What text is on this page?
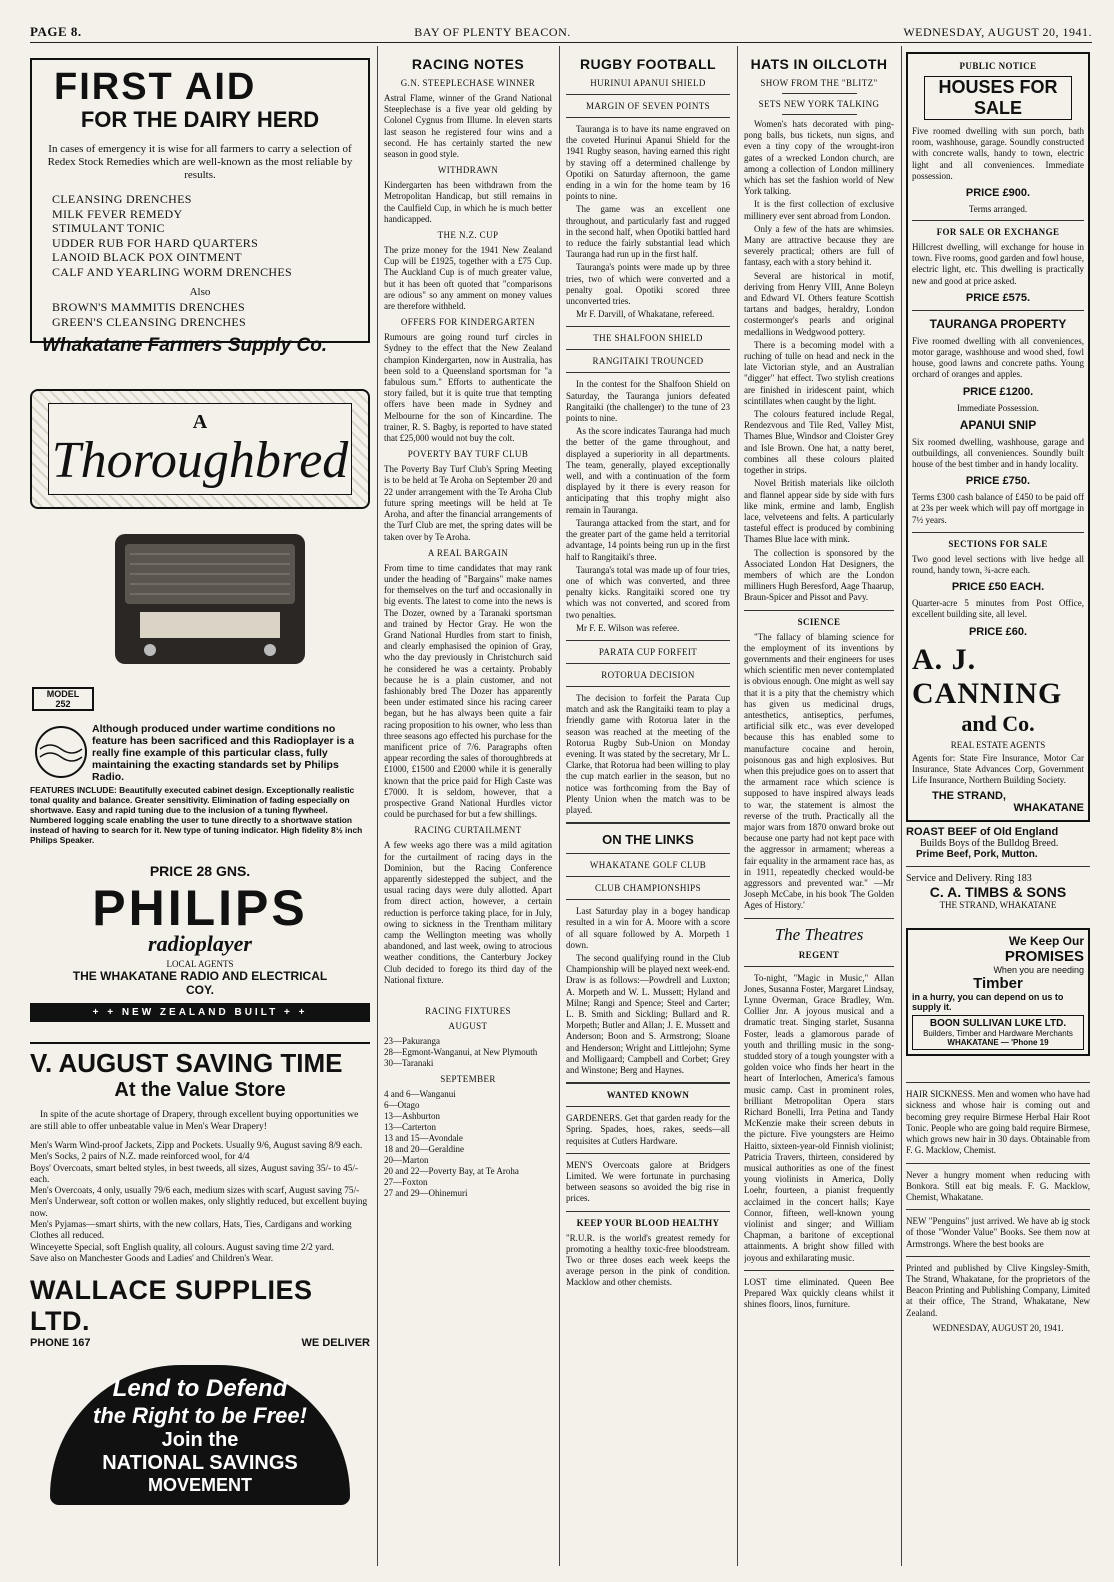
PAGE 8.	BAY OF PLENTY BEACON.	WEDNESDAY, AUGUST 20, 1941.
FIRST AID
FOR THE DAIRY HERD
In cases of emergency it is wise for all farmers to carry a selection of Redex Stock Remedies which are well-known as the most reliable by results.
CLEANSING DRENCHES
MILK FEVER REMEDY
STIMULANT TONIC
UDDER RUB FOR HARD QUARTERS
LANOID BLACK POX OINTMENT
CALF AND YEARLING WORM DRENCHES
Also
BROWN'S MAMMITIS DRENCHES
GREEN'S CLEANSING DRENCHES
Whakatane Farmers Supply Co.
A
Thoroughbred
MODEL
252
Although produced under wartime conditions no feature has been sacrificed and this Radioplayer is a really fine example of this particular class, fully maintaining the exacting standards set by Philips Radio.
FEATURES INCLUDE: Beautifully executed cabinet design. Exceptionally realistic tonal quality and balance. Greater sensitivity. Elimination of fading especially on shortwave. Easy and rapid tuning due to the inclusion of a tuning flywheel. Numbered logging scale enabling the user to tune directly to a shortwave station instead of having to search for it. New type of tuning indicator. High fidelity 8½ inch Philips Speaker.
PRICE 28 GNS.
PHILIPS
radioplayer
LOCAL AGENTS
THE WHAKATANE RADIO AND ELECTRICAL COY.
+ + NEW ZEALAND BUILT + +
V. AUGUST SAVING TIME
At the Value Store
In spite of the acute shortage of Drapery, through excellent buying opportunities we are still able to offer unbeatable value in Men's Wear Drapery!
Men's Warm Wind-proof Jackets, Zipp and Pockets. Usually 9/6, August saving 8/9 each.
Men's Socks, 2 pairs of N.Z. made reinforced wool, for 4/4
Boys' Overcoats, smart belted styles, in best tweeds, all sizes, August saving 35/- to 45/- each.
Men's Overcoats, 4 only, usually 79/6 each, medium sizes with scarf, August saving 75/-
Men's Underwear, soft cotton or wollen makes, only slightly reduced, but excellent buying now.
Men's Pyjamas—smart shirts, with the new collars, Hats, Ties, Cardigans and working Clothes all reduced.
Winceyette Special, soft English quality, all colours. August saving time 2/2 yard.
Save also on Manchester Goods and Ladies' and Children's Wear.
WALLACE SUPPLIES LTD.
PHONE 167	WE DELIVER
Lend to Defend
the Right to be Free!
Join the
NATIONAL SAVINGS
MOVEMENT
RACING NOTES
G.N. STEEPLECHASE WINNER
Astral Flame, winner of the Grand National Steeplechase is a five year old gelding by Colonel Cygnus from Illume. In eleven starts last season he registered four wins and a second. He has certainly started the new season in good style.
WITHDRAWN
Kindergarten has been withdrawn from the Metropolitan Handicap, but still remains in the Caulfield Cup, in which he is much better handicapped.
THE N.Z. CUP
The prize money for the 1941 New Zealand Cup will be £1925, together with a £75 Cup. The Auckland Cup is of much greater value, but it has been oft quoted that "comparisons are odious" so any amment on money values are therefore withheld.
OFFERS FOR KINDERGARTEN
Rumours are going round turf circles in Sydney to the effect that the New Zealand champion Kindergarten, now in Australia, has been sold to a Queensland sportsman for "a fabulous sum." Efforts to authenticate the story failed, but it is quite true that tempting offers have been made in Sydney and Melbourne for the son of Kincardine. The trainer, R. S. Bagby, is reported to have stated that £25,000 would not buy the colt.
POVERTY BAY TURF CLUB
The Poverty Bay Turf Club's Spring Meeting is to be held at Te Aroha on September 20 and 22 under arrangement with the Te Aroha Club future spring meetings will be held at Te Aroha, and after the financial arrangements of the Turf Club are met, the spring dates will be taken over by Te Aroha.
A REAL BARGAIN
From time to time candidates that may rank under the heading of "Bargains" make names for themselves on the turf and occasionally in big events. The latest to come into the news is The Dozer, owned by a Taranaki sportsman and trained by Hector Gray. He won the Grand National Hurdles from start to finish, and clearly emphasised the opinion of Gray, who the day previously in Christchurch said he considered he was a certainty. Probably because he is a plain customer, and not fashionably bred The Dozer has apparently been under estimated since his racing career began, but he has always been quite a fair racing proposition to his owner, who less than three seasons ago effected his purchase for the manificent price of 7/6. Paragraphs often appear recording the sales of thoroughbreds at £1000, £1500 and £2000 while it is generally known that the price paid for High Caste was £7000. It is seldom, however, that a prospective Grand National Hurdles victor could be purchased for but a few shillings.
RACING CURTAILMENT
A few weeks ago there was a mild agitation for the curtailment of racing days in the Dominion, but the Racing Conference apparently sidestepped the subject, and the usual racing days were duly allotted. Apart from direct action, however, a certain reduction is perforce taking place, for in July, owing to sickness in the Trentham military camp the Wellington meeting was wholly abandoned, and last week, owing to atrocious weather conditions, the Canterbury Jockey Club decided to forego its third day of the National fixture.
RACING FIXTURES
AUGUST
23—Pakuranga
28—Egmont-Wanganui, at New Plymouth
30—Taranaki
SEPTEMBER
4 and 6—Wanganui
6—Otago
13—Ashburton
13—Carterton
13 and 15—Avondale
18 and 20—Geraldine
20—Marton
20 and 22—Poverty Bay, at Te Aroha
27—Foxton
27 and 29—Ohinemuri
RUGBY FOOTBALL
HURINUI APANUI SHIELD
MARGIN OF SEVEN POINTS

Tauranga is to have its name engraved on the coveted Hurinui Apanui Shield for the 1941 Rugby season, having earned this right by staving off a determined challenge by Opotiki on Saturday afternoon, the game ending in a win for the home team by 16 points to nine.

The game was an excellent one throughout, and particularly fast and rugged in the second half, when Opotiki battled hard to reduce the fairly substantial lead which Tauranga had run up in the first half.

Tauranga's points were made up by three tries, two of which were converted and a penalty goal. Opotiki scored three unconverted tries.

Mr F. Darvill, of Whakatane, refereed.

THE SHALFOON SHIELD
RANGITAIKI TROUNCED

In the contest for the Shalfoon Shield on Saturday, the Tauranga juniors defeated Rangitaiki (the challenger) to the tune of 23 points to nine.

As the score indicates Tauranga had much the better of the game throughout, and displayed a superiority in all departments. The team, generally, played exceptionally well, and with a continuation of the form displayed by it there is every reason for anticipating that this trophy might also remain in Tauranga.

Tauranga attacked from the start, and for the greater part of the game held a territorial advantage, 14 points being run up in the first half to Rangitaiki's three.

Tauranga's total was made up of four tries, one of which was converted, and three penalty kicks. Rangitaiki scored one try which was not converted, and scored from two penalties.

Mr F. E. Wilson was referee.

PARATA CUP FORFEIT
ROTORUA DECISION

The decision to forfeit the Parata Cup match and ask the Rangitaiki team to play a friendly game with Rotorua later in the season was reached at the meeting of the Rotorua Rugby Sub-Union on Monday evening. It was stated by the secretary, Mr L. Clarke, that Rotorua had been willing to play the cup match earlier in the season, but no notice was forthcoming from the Bay of Plenty Union when the match was to be played.

ON THE LINKS
WHAKATANE GOLF CLUB
CLUB CHAMPIONSHIPS

Last Saturday play in a bogey handicap resulted in a win for A. Moore with a score of all square followed by A. Morpeth 1 down.

The second qualifying round in the Club Championship will be played next week-end. Draw is as follows:—Powdrell and Luxton; A. Morpeth and W. L. Mussett; Hyland and Milne; Rangi and Spence; Steel and Carter; L. B. Smith and Sickling; Bullard and R. Morpeth; Butler and Allan; J. E. Mussett and Anderson; Boon and S. Armstrong; Sloane and Henderson; Wright and Littlejohn; Syme and Molligaard; Campbell and Corbet; Grey and Winstone; Berg and Haynes.

WANTED KNOWN
GARDENERS. Get that garden ready for the Spring. Spades, hoes, rakes, seeds—all requisites at Cutlers Hardware.
MEN'S Overcoats galore at Bridgers Limited. We were fortunate in purchasing between seasons so avoided the big rise in prices.
KEEP YOUR BLOOD HEALTHY
"R.U.R. is the world's greatest remedy for promoting a healthy toxic-free bloodstream. Two or three doses each week keeps the average person in the pink of condition. Macklow and other chemists.
HATS IN OILCLOTH
SHOW FROM THE "BLITZ"
SETS NEW YORK TALKING

Women's hats decorated with ping-pong balls, bus tickets, nun signs, and even a tiny copy of the wrought-iron gates of a wrecked London church, are among a collection of London millinery which has set the fashion world of New York talking.

It is the first collection of exclusive millinery ever sent abroad from London.

Only a few of the hats are whimsies. Many are attractive because they are severely practical; others are full of fantasy, each with a story behind it.

Several are historical in motif, deriving from Henry VIII, Anne Boleyn and Edward VI. Others feature Scottish tartans and badges, heraldry, London costermonger's pearls and original medallions in Wedgwood pottery.

There is a becoming model with a ruching of tulle on head and neck in the late Victorian style, and an Australian "digger" hat effect. Two stylish creations are finished in iridescent paint, which scintillates when caught by the light.

The colours featured include Regal, Rendezvous and Tile Red, Valley Mist, Thames Blue, Windsor and Cloister Grey and Isle Brown. One hat, a natty beret, combines all these colours plaited together in strips.

Novel British materials like oilcloth and flannel appear side by side with furs like mink, ermine and lamb, English lace, velveteens and felts. A particularly tasteful effect is produced by combining Thames Blue lace with mink.

The collection is sponsored by the Associated London Hat Designers, the members of which are the London milliners Hugh Beresford, Aage Thaarup, Braun-Spicer and Pissot and Pavy.

SCIENCE

"The fallacy of blaming science for the employment of its inventions by governments and their engineers for uses which scientific men never contemplated is obvious enough. One might as well say that it is a pity that the chemistry which has given us medicinal drugs, antesthetics, antiseptics, perfumes, artificial silk etc., was ever developed because this has enabled some to manufacture cocaine and heroin, poisonous gas and high explosives. But when this prejudice goes on to assert that the armament race which science is supposed to have inspired always leads to war, the statement is almost the reverse of the truth. Practically all the major wars from 1870 onward broke out because one party had not kept pace with the aggressor in armament; whereas a fair equality in the armament race has, as in 1911, repeatedly checked would-be aggressors and prevented war." —Mr Joseph McCabe, in his book 'The Golden Ages of History.'

The Theatres
REGENT

To-night, "Magic in Music," Allan Jones, Susanna Foster, Margaret Lindsay, Lynne Overman, Grace Bradley, Wm. Collier Jnr. A joyous musical and a dramatic treat. Singing starlet, Susanna Foster, leads a glamorous parade of youth and thrilling music in the song-studded story of a tough youngster with a golden voice who finds her heart in the heart of Interlochen, America's famous music camp. Cast in prominent roles, brilliant Metropolitan Opera stars Richard Bonelli, Irra Petina and Tandy McKenzie make their screen debuts in the picture. Five youngsters are Heimo Haitto, sixteen-year-old Finnish violinist; Patricia Travers, thirteen, considered by musical authorities as one of the finest young violinists in America, Dolly Loehr, fourteen, a pianist frequently acclaimed in the concert halls; Kaye Connor, fifteen, well-known young violinist and singer; and William Chapman, a baritone of exceptional attainments. A bright show filled with joyous and exhilarating music.

LOST time eliminated. Queen Bee Prepared Wax quickly cleans whilst it shines floors, linos, furniture.
PUBLIC NOTICE
HOUSES FOR SALE
Five roomed dwelling with sun porch, bath room, washhouse, garage. Soundly constructed with concrete walls, handy to town, electric light and all conveniences. Immediate possession.
PRICE £900.
Terms arranged.
FOR SALE OR EXCHANGE
Hillcrest dwelling, will exchange for house in town. Five rooms, good garden and fowl house, electric light, etc. This dwelling is practically new and good at price asked.
PRICE £575.
TAURANGA PROPERTY
Five roomed dwelling with all conveniences, motor garage, washhouse and wood shed, fowl house, good lawns and concrete paths. Young orchard of oranges and apples.
PRICE £1200.
Immediate Possession.
APANUI SNIP
Six roomed dwelling, washhouse, garage and outbuildings, all conveniences. Soundly built house of the best timber and in handy locality.
PRICE £750.
Terms £300 cash balance of £450 to be paid off at 23s per week which will pay off mortgage in 7½ years.
SECTIONS FOR SALE
Two good level sections with live hedge all round, handy town, ¾-acre each.
PRICE £50 EACH.
Quarter-acre 5 minutes from Post Office, excellent building site, all level.
PRICE £60.
A. J. CANNING
and Co.
REAL ESTATE AGENTS
Agents for: State Fire Insurance, Motor Car Insurance, State Advances Corp, Government Life Insurance, Northern Building Society.
THE STRAND,
WHAKATANE
ROAST BEEF of Old England
Builds Boys of the Bulldog Breed.
Prime Beef, Pork, Mutton.
Service and Delivery. Ring 183
C. A. TIMBS & SONS
THE STRAND, WHAKATANE
We Keep Our
PROMISES
When you are needing
Timber
in a hurry, you can depend on us to supply it.
BOON SULLIVAN LUKE LTD.
Builders, Timber and Hardware Merchants
WHAKATANE — 'Phone 19
HAIR SICKNESS. Men and women who have had sickness and whose hair is coming out and becoming grey require Birmese Herbal Hair Root Tonic. People who are going bald require Birmese, which grows new hair in 30 days. Obtainable from F. G. Macklow, Chemist.
Never a hungry moment when reducing with Bonkora. Still eat big meals. F. G. Macklow, Chemist, Whakatane.
NEW "Penguins" just arrived. We have ab ig stock of those "Wonder Value" Books. See them now at Armstrongs. Where the best books are
Printed and published by Clive Kingsley-Smith, The Strand, Whakatane, for the proprietors of the Beacon Printing and Publishing Company, Limited at their office, The Strand, Whakatane, New Zealand.
WEDNESDAY, AUGUST 20, 1941.
